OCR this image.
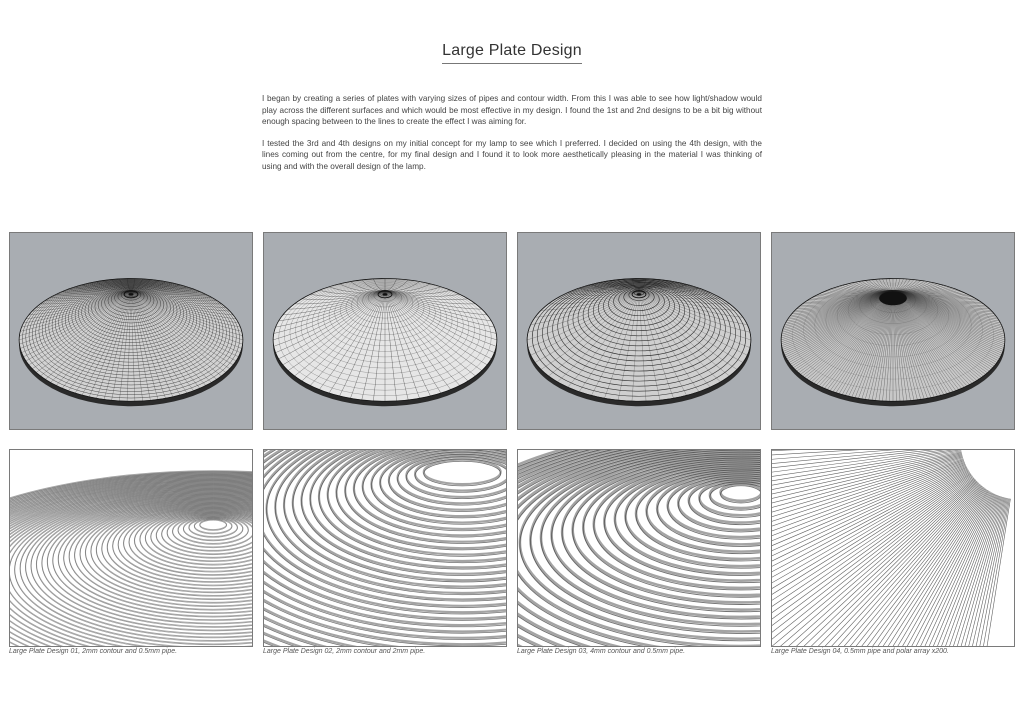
Large Plate Design

I began by creating a series of plates with varying sizes of pipes and contour width. From this I was able to see how light/shadow would play across the different surfaces and which would be most effective in my design. I found the 1st and 2nd designs to be a bit big without enough spacing between to the lines to create the effect I was aiming for.

I tested the 3rd and 4th designs on my initial concept for my lamp to see which I preferred. I decided on using the 4th design, with the lines coming out from the centre, for my final design and I found it to look more aesthetically pleasing in the material I was thinking of using and with the overall design of the lamp.

Large Plate Design 01, 2mm contour and 0.5mm pipe.	Large Plate Design 02, 2mm contour and 2mm pipe.	Large Plate Design 03, 4mm contour and 0.5mm pipe.	Large Plate Design 04, 0.5mm pipe and polar array x200.
